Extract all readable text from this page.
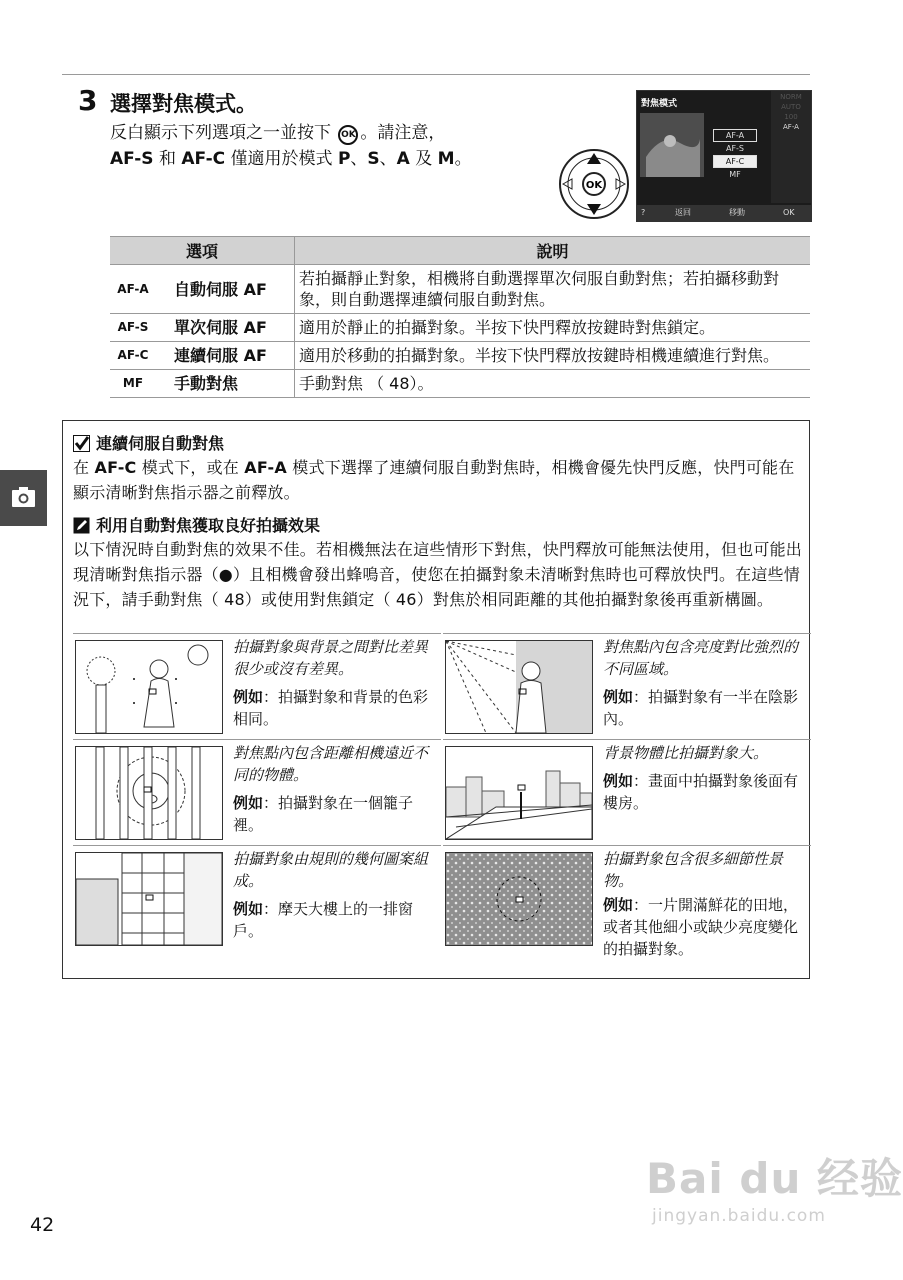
3 選擇對焦模式。
反白顯示下列選項之一並按下 OK 。請注意，
AF-S 和 AF-C 僅適用於模式 P、S、A 及 M。
OK
對焦模式
NORM
AUTO
100
AF-A
AF-A
AF-S
AF-C
MF
?	返回	移動	OK
選項		說明
AF-A	自動伺服 AF	若拍攝靜止對象，相機將自動選擇單次伺服自動對焦；若拍攝移動對象，則自動選擇連續伺服自動對焦。
AF-S	單次伺服 AF	適用於靜止的拍攝對象。半按下快門釋放按鍵時對焦鎖定。
AF-C	連續伺服 AF	適用於移動的拍攝對象。半按下快門釋放按鍵時相機連續進行對焦。
MF	手動對焦	手動對焦 （ 48）。
連續伺服自動對焦
在 AF-C 模式下，或在 AF-A 模式下選擇了連續伺服自動對焦時，相機會優先快門反應，快門可能在顯示清晰對焦指示器之前釋放。
利用自動對焦獲取良好拍攝效果
以下情況時自動對焦的效果不佳。若相機無法在這些情形下對焦，快門釋放可能無法使用，但也可能出現清晰對焦指示器（●）且相機會發出蜂鳴音，使您在拍攝對象未清晰對焦時也可釋放快門。在這些情況下，請手動對焦（ 48）或使用對焦鎖定（ 46）對焦於相同距離的其他拍攝對象後再重新構圖。
拍攝對象與背景之間對比差異很少或沒有差異。
例如：拍攝對象和背景的色彩相同。
對焦點內包含亮度對比強烈的不同區域。
例如：拍攝對象有一半在陰影內。
對焦點內包含距離相機遠近不同的物體。
例如：拍攝對象在一個籠子裡。
背景物體比拍攝對象大。
例如：畫面中拍攝對象後面有樓房。
拍攝對象由規則的幾何圖案組成。
例如：摩天大樓上的一排窗戶。
拍攝對象包含很多細節性景物。
例如：一片開滿鮮花的田地，或者其他細小或缺少亮度變化的拍攝對象。
42
Bai du 经验
jingyan.baidu.com
